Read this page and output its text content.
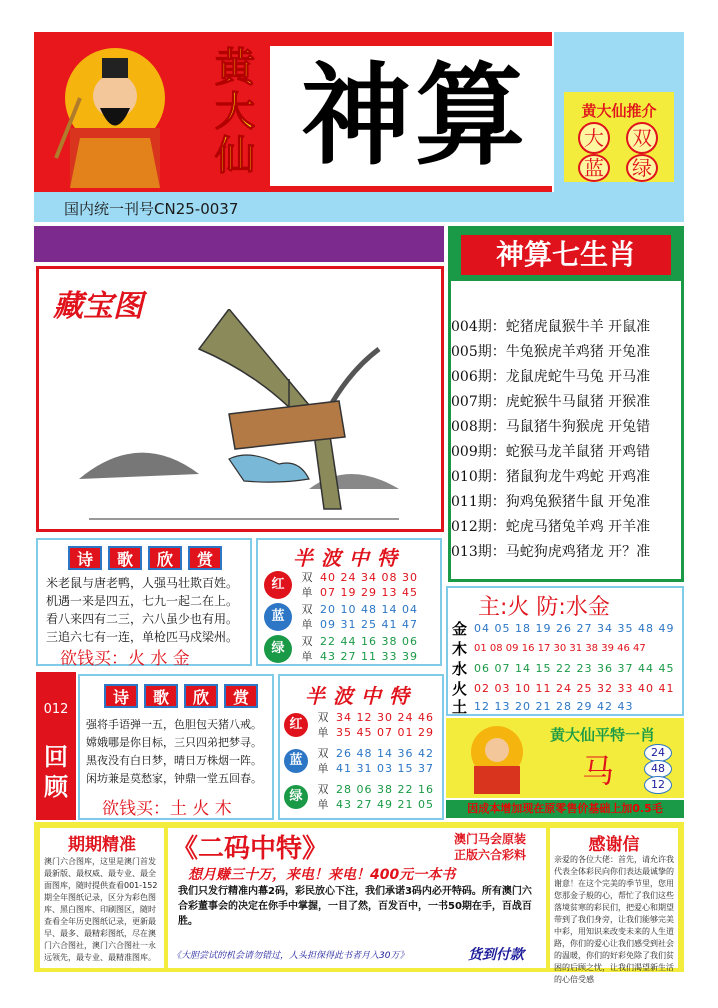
黄
大
仙 神算	黄大仙推介
大	双
蓝	绿
国内统一刊号CN25-0037
神算七生肖
004期：蛇猪虎鼠猴牛羊 开鼠准
005期：牛兔猴虎羊鸡猪 开兔准
006期：龙鼠虎蛇牛马兔 开马准
007期：虎蛇猴牛马鼠猪 开猴准
008期：马鼠猪牛狗猴虎 开兔错
009期：蛇猴马龙羊鼠猪 开鸡错
010期：猪鼠狗龙牛鸡蛇 开鸡准
011期：狗鸡兔猴猪牛鼠 开兔准
012期：蛇虎马猪兔羊鸡 开羊准
013期：马蛇狗虎鸡猪龙 开？准
藏宝图
诗	歌	欣	赏
米老鼠与唐老鸭，人强马壮欺百姓。
机遇一来是四五，七九一起二在上。
看八来四有二三，六八虽少也有用。
三追六七有一连，单枪匹马戍梁州。
欲钱买：火 水 金
半波中特
红	双 40 24 34 08 30
单 07 19 29 13 45
蓝	双 20 10 48 14 04
单 09 31 25 41 47
绿	双 22 44 16 38 06
单 43 27 11 33 39
012
回
顾
诗	歌	欣	赏
强将手语弹一五，色胆包天猪八戒。
嫦娥哪是你目标，三只四弟把梦寻。
黑夜没有白日梦，晴日万株烟一阵。
闲坊兼是莫愁家，钟鼎一堂五回春。
欲钱买：土 火 木
半波中特
红	双 34 12 30 24 46
单 35 45 07 01 29
蓝	双 26 48 14 36 42
单 41 31 03 15 37
绿	双 28 06 38 22 16
单 43 27 49 21 05
主:火 防:水金
金 04 05 18 19 26 27 34 35 48 49
木 01 08 09 16 17 30 31 38 39 46 47
水 06 07 14 15 22 23 36 37 44 45
火 02 03 10 11 24 25 32 33 40 41
土 12 13 20 21 28 29 42 43
黄大仙平特一肖
马	24
48
12
因成本增加现在原零售价基础上加0.5毛
期期精准
澳门六合图库，这里是澳门首发最新版、最权威、最专业、最全面图库，随时提供查看001-152期全年图纸记录，区分为彩色图库、黑白图库、印刷图区，随时查看全年历史图纸记录，更新最早、最多、最精彩图纸，尽在澳门六合图社，澳门六合图社一永远领先，最专业、最精准图库。
《二码中特》	澳门马会原装
正版六合彩料
想月赚三十万，来电！来电！400元一本书
我们只发行精准内幕2码，彩民放心下注，我们承诺3码内必开特码。所有澳门六合彩董事会的决定在你手中掌握，一目了然，百发百中，一书50期在手，百战百胜。
《大胆尝试的机会请勿错过，人头担保得此书者月入30万》	货到付款
感谢信
亲爱的各位大佬：首先，请允许我代表全体彩民向你们表达最诚挚的谢意！在这个完美的季节里，您用您那金子般的心，帮忙了我们这些落境贫寒的彩民们，把爱心和期望带到了我们身旁，让我们能够完美中彩，用知识来改变未来的人生道路，你们的爱心让我们感受到社会的温暖，你们的好彩免除了我们贫困的后顾之忧，让我们渴望新生活的心倍受感
